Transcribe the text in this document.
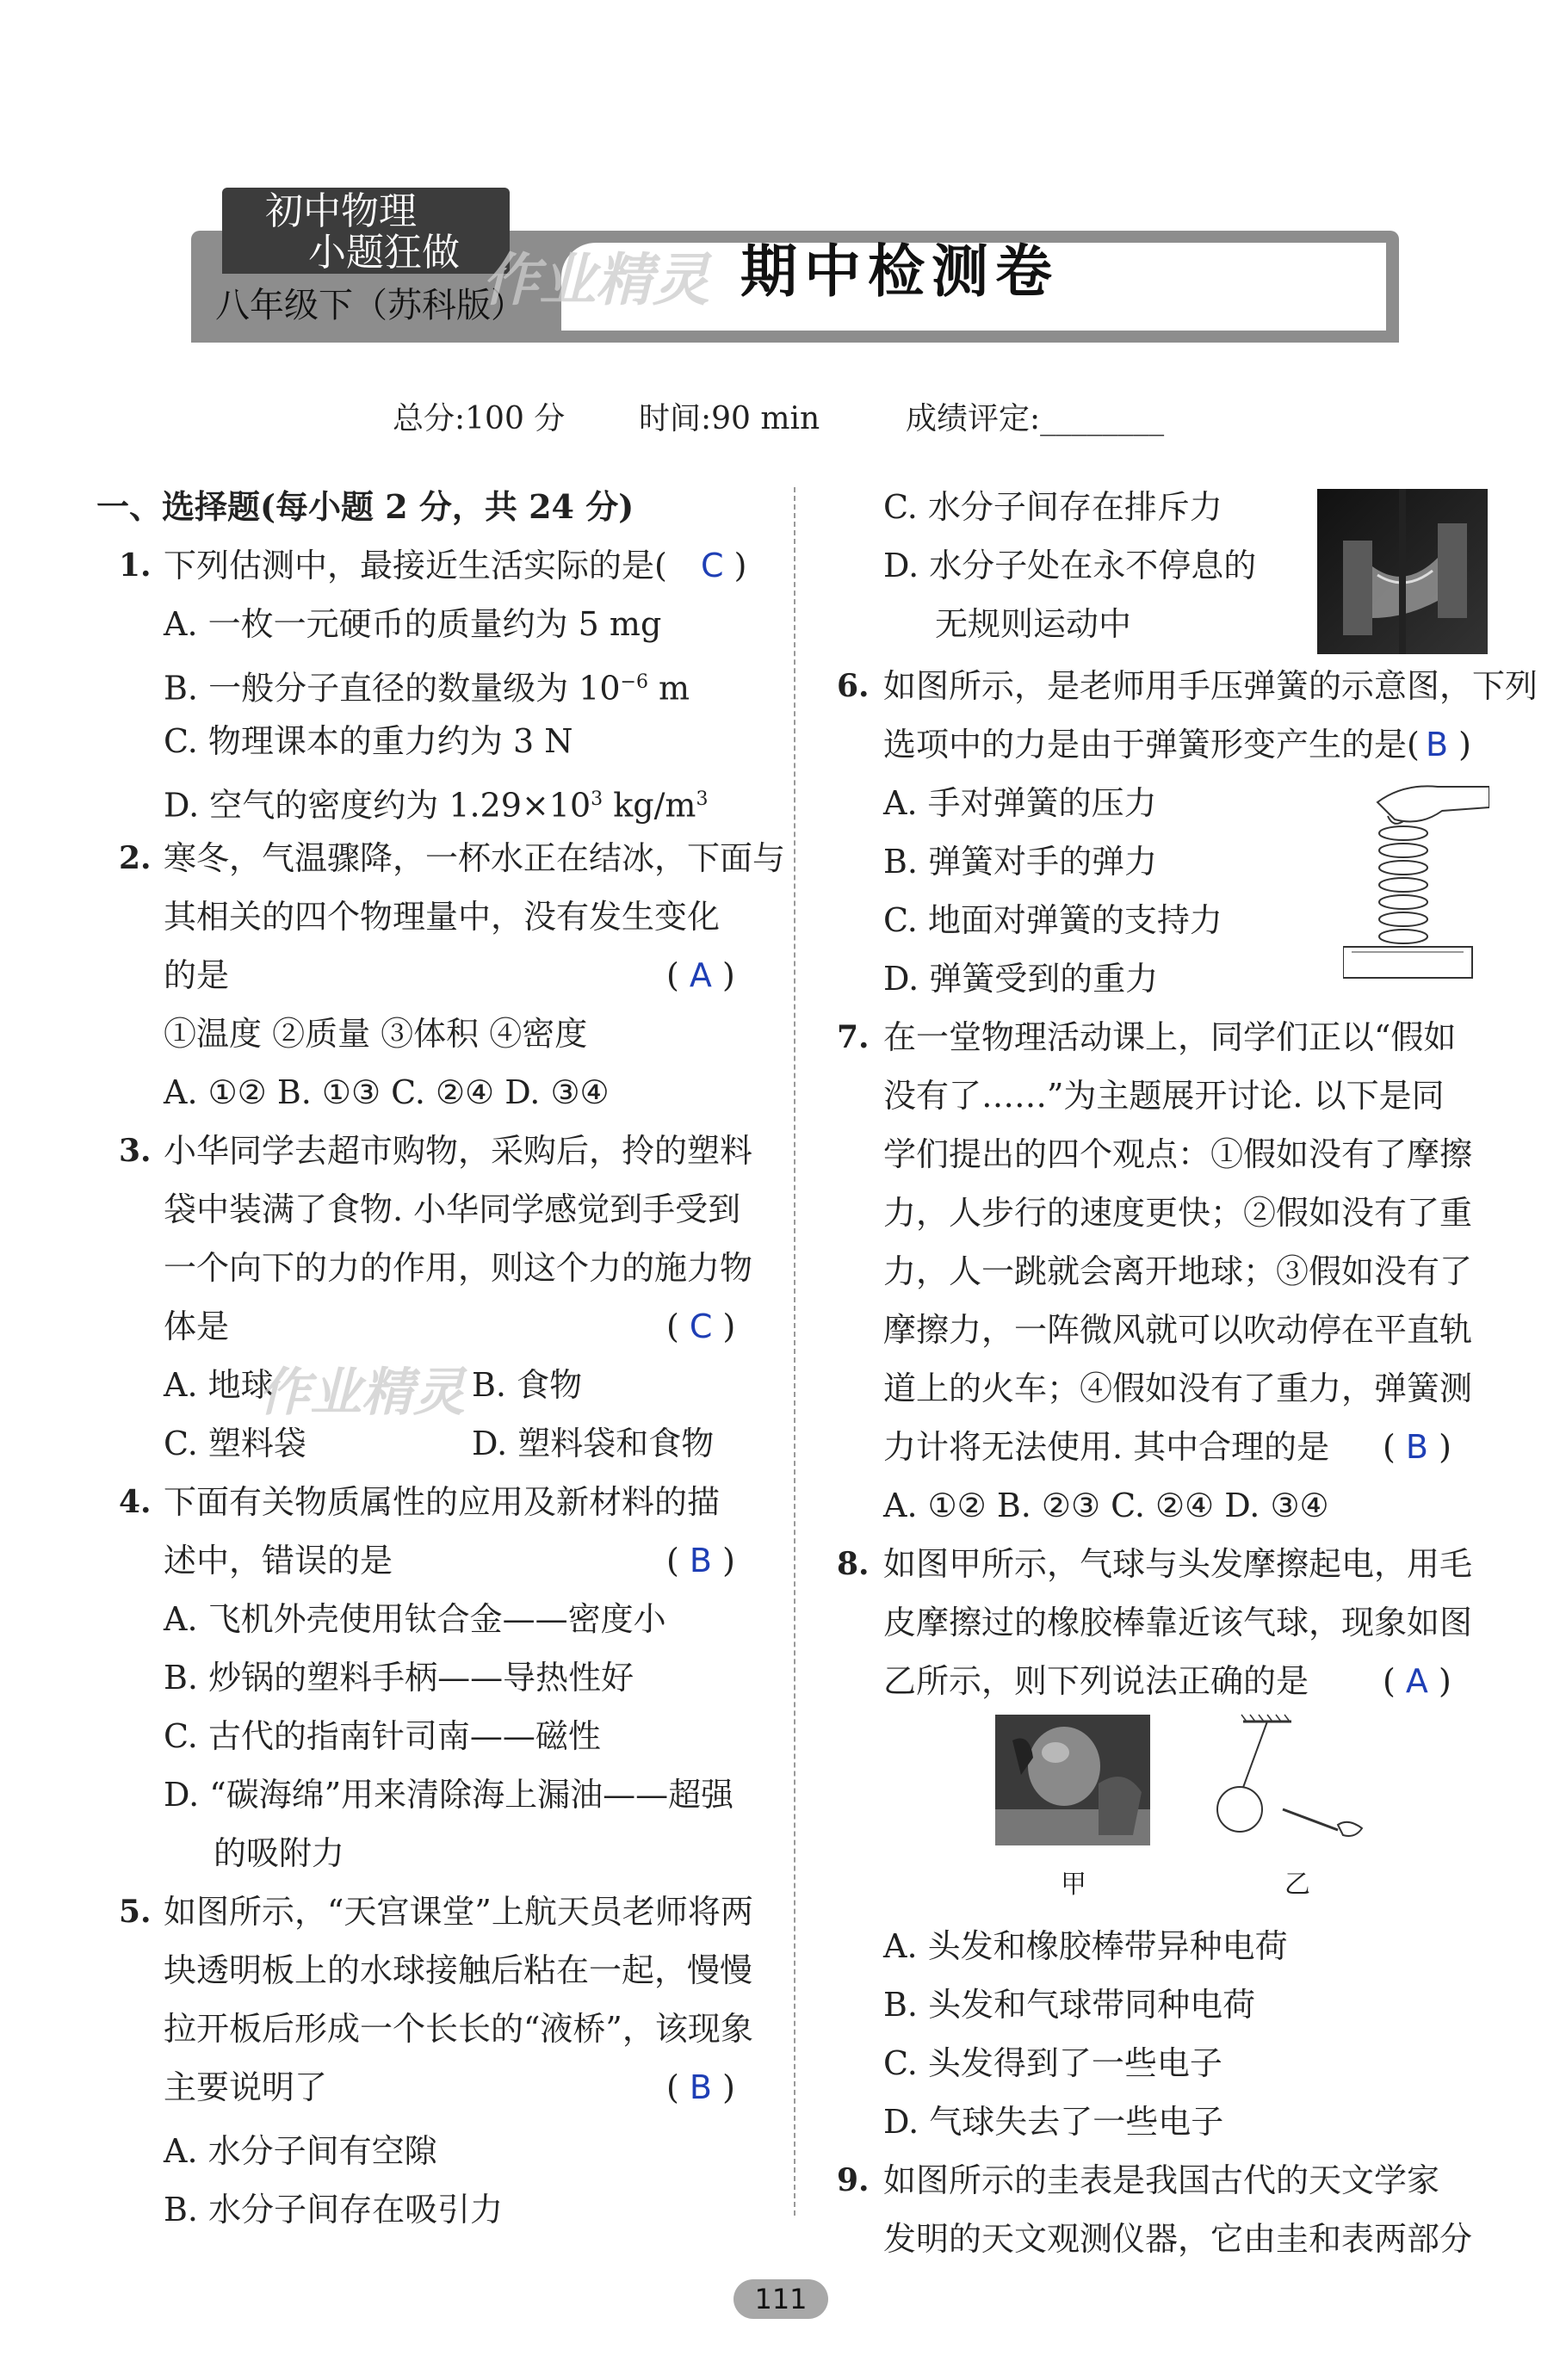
初中物理
小题狂做
八年级下（苏科版）
作业精灵 期中检测卷
总分:100 分 时间:90 min	成绩评定:________
一、选择题(每小题 2 分，共 24 分)
1. 下列估测中，最接近生活实际的是( C )
A. 一枚一元硬币的质量约为 5 mg
B. 一般分子直径的数量级为 $10^{-6}$ m
C. 物理课本的重力约为 3 N
D. 空气的密度约为 $1.29\times 10^3$ $kg/m^3$
2. 寒冬，气温骤降，一杯水正在结冰，下面与
其相关的四个物理量中，没有发生变化
的是	( A )
①温度 ②质量 ③体积 ④密度
A. ①② B. ①③ C. ②④ D. ③④
3. 小华同学去超市购物，采购后，拎的塑料
袋中装满了食物. 小华同学感觉到手受到
一个向下的力的作用，则这个力的施力物
体是	( C )
A. 地球	B. 食物
作业精灵
C. 塑料袋	D. 塑料袋和食物
4. 下面有关物质属性的应用及新材料的描
述中，错误的是	( B )
A. 飞机外壳使用钛合金——密度小
B. 炒锅的塑料手柄——导热性好
C. 古代的指南针司南——磁性
D. “碳海绵”用来清除海上漏油——超强
的吸附力
5. 如图所示，“天宫课堂”上航天员老师将两
块透明板上的水球接触后粘在一起，慢慢
拉开板后形成一个长长的“液桥”，该现象
主要说明了	( B )
A. 水分子间有空隙
B. 水分子间存在吸引力
C. 水分子间存在排斥力
D. 水分子处在永不停息的
无规则运动中
6. 如图所示，是老师用手压弹簧的示意图，下列
选项中的力是由于弹簧形变产生的是( B )
A. 手对弹簧的压力
B. 弹簧对手的弹力
C. 地面对弹簧的支持力
D. 弹簧受到的重力
7. 在一堂物理活动课上，同学们正以“假如
没有了……”为主题展开讨论. 以下是同
学们提出的四个观点：①假如没有了摩擦
力，人步行的速度更快；②假如没有了重
力，人一跳就会离开地球；③假如没有了
摩擦力，一阵微风就可以吹动停在平直轨
道上的火车；④假如没有了重力，弹簧测
力计将无法使用. 其中合理的是 ( B )
A. ①② B. ②③ C. ②④ D. ③④
8. 如图甲所示，气球与头发摩擦起电，用毛
皮摩擦过的橡胶棒靠近该气球，现象如图
乙所示，则下列说法正确的是 ( A )
甲	乙
A. 头发和橡胶棒带异种电荷
B. 头发和气球带同种电荷
C. 头发得到了一些电子
D. 气球失去了一些电子
9. 如图所示的圭表是我国古代的天文学家
发明的天文观测仪器，它由圭和表两部分
111
